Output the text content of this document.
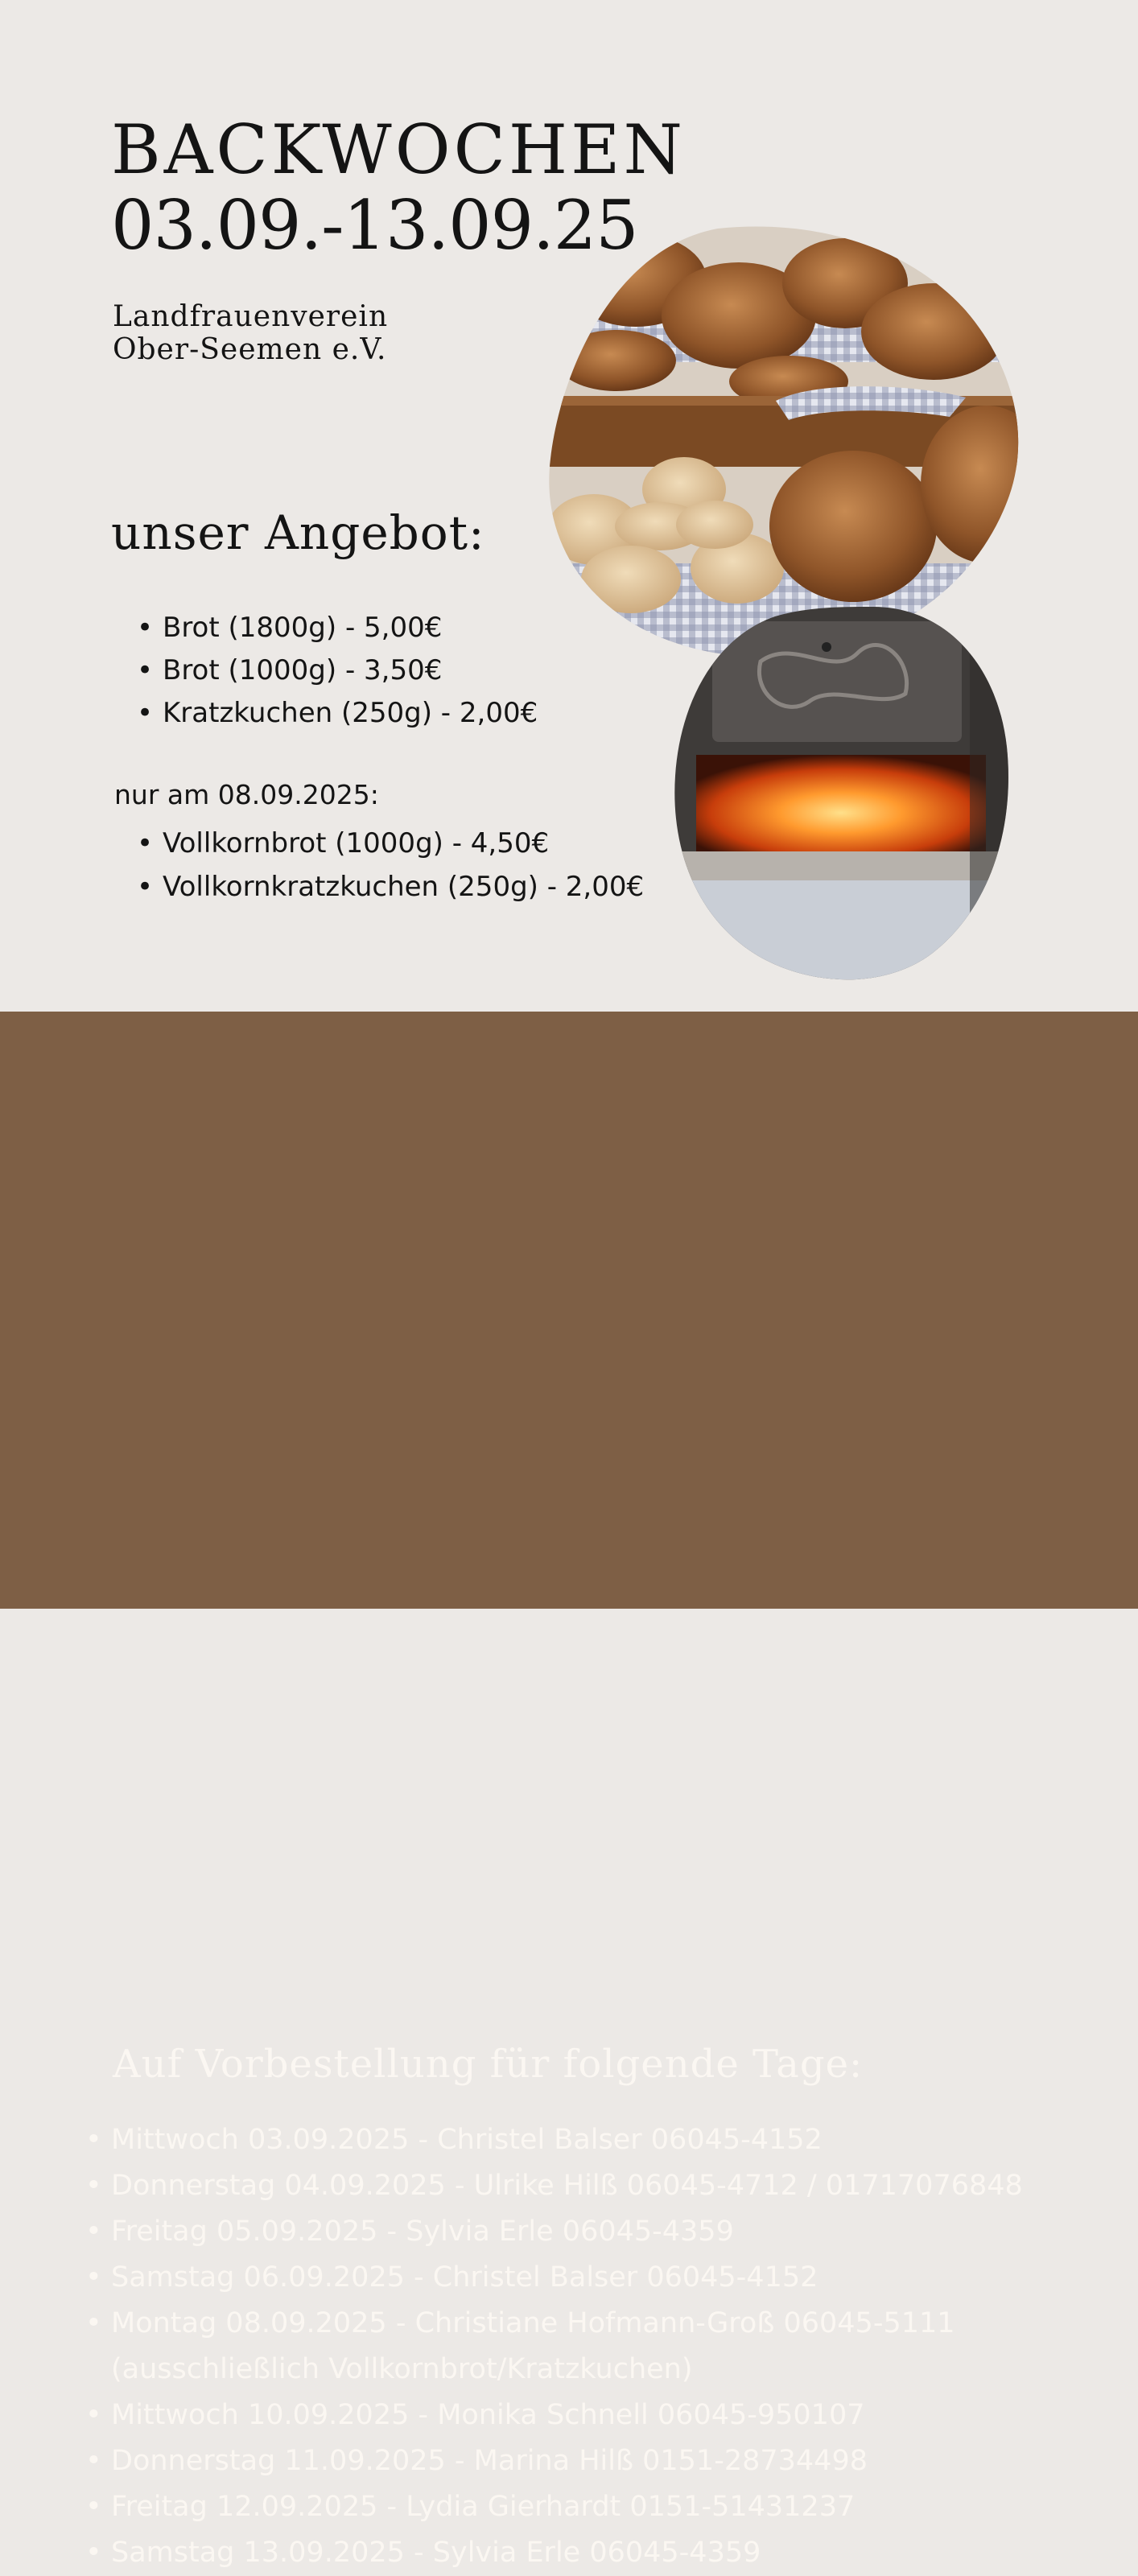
BACKWOCHEN
03.09.-13.09.25
Landfrauenverein
Ober-Seemen e.V.
unser Angebot:
• Brot (1800g) - 5,00€
• Brot (1000g) - 3,50€
• Kratzkuchen (250g) - 2,00€
nur am 08.09.2025:
• Vollkornbrot (1000g) - 4,50€
• Vollkornkratzkuchen (250g) - 2,00€
Auf Vorbestellung für folgende Tage:
• Mittwoch 03.09.2025 - Christel Balser 06045-4152
• Donnerstag 04.09.2025 - Ulrike Hilß 06045-4712 / 01717076848
• Freitag 05.09.2025 - Sylvia Erle 06045-4359
• Samstag 06.09.2025 - Christel Balser 06045-4152
• Montag 08.09.2025 - Christiane Hofmann-Groß 06045-5111
(ausschließlich Vollkornbrot/Kratzkuchen)
• Mittwoch 10.09.2025 - Monika Schnell 06045-950107
• Donnerstag 11.09.2025 - Marina Hilß 0151-28734498
• Freitag 12.09.2025 - Lydia Gierhardt 0151-51431237
• Samstag 13.09.2025 - Sylvia Erle 06045-4359
